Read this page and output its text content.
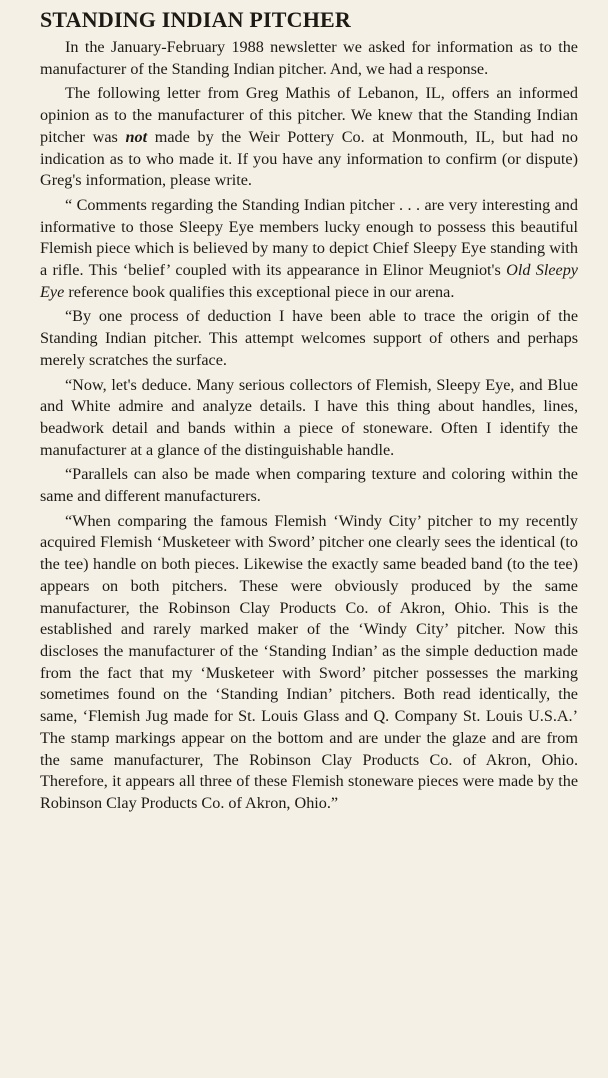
STANDING INDIAN PITCHER

In the January-February 1988 newsletter we asked for information as to the manufacturer of the Standing Indian pitcher. And, we had a response.

The following letter from Greg Mathis of Lebanon, IL, offers an informed opinion as to the manufacturer of this pitcher. We knew that the Standing Indian pitcher was not made by the Weir Pottery Co. at Monmouth, IL, but had no indication as to who made it. If you have any information to confirm (or dispute) Greg's information, please write.

“ Comments regarding the Standing Indian pitcher . . . are very interesting and informative to those Sleepy Eye members lucky enough to possess this beautiful Flemish piece which is believed by many to depict Chief Sleepy Eye standing with a rifle. This ‘belief’ coupled with its appearance in Elinor Meugniot's Old Sleepy Eye reference book qualifies this exceptional piece in our arena.

“By one process of deduction I have been able to trace the origin of the Standing Indian pitcher. This attempt welcomes support of others and perhaps merely scratches the surface.

“Now, let's deduce. Many serious collectors of Flemish, Sleepy Eye, and Blue and White admire and analyze details. I have this thing about handles, lines, beadwork detail and bands within a piece of stoneware. Often I identify the manufacturer at a glance of the distinguishable handle.

“Parallels can also be made when comparing texture and coloring within the same and different manufacturers.

“When comparing the famous Flemish ‘Windy City’ pitcher to my recently acquired Flemish ‘Musketeer with Sword’ pitcher one clearly sees the identical (to the tee) handle on both pieces. Likewise the exactly same beaded band (to the tee) appears on both pitchers. These were obviously produced by the same manufacturer, the Robinson Clay Products Co. of Akron, Ohio. This is the established and rarely marked maker of the ‘Windy City’ pitcher. Now this discloses the manufacturer of the ‘Standing Indian’ as the simple deduction made from the fact that my ‘Musketeer with Sword’ pitcher possesses the marking sometimes found on the ‘Standing Indian’ pitchers. Both read identically, the same, ‘Flemish Jug made for St. Louis Glass and Q. Company St. Louis U.S.A.’ The stamp markings appear on the bottom and are under the glaze and are from the same manufacturer, The Robinson Clay Products Co. of Akron, Ohio. Therefore, it appears all three of these Flemish stoneware pieces were made by the Robinson Clay Products Co. of Akron, Ohio.”
